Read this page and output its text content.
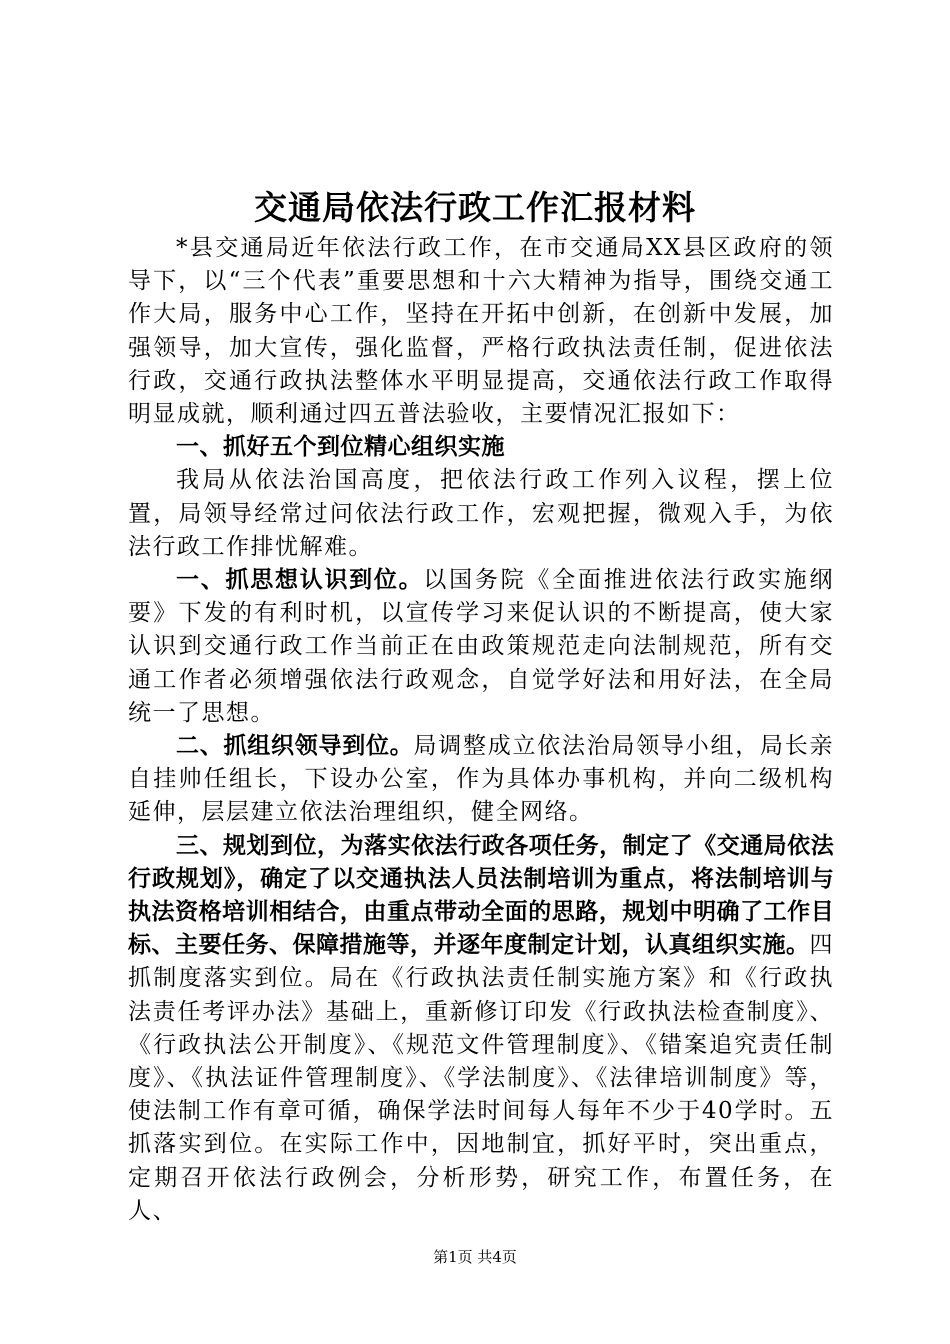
交通局依法行政工作汇报材料

*县交通局近年依法行政工作，在市交通局XX县区政府的领导下，以“三个代表”重要思想和十六大精神为指导，围绕交通工作大局，服务中心工作，坚持在开拓中创新，在创新中发展，加强领导，加大宣传，强化监督，严格行政执法责任制，促进依法行政，交通行政执法整体水平明显提高，交通依法行政工作取得明显成就，顺利通过四五普法验收，主要情况汇报如下：

一、抓好五个到位精心组织实施

我局从依法治国高度，把依法行政工作列入议程，摆上位置，局领导经常过问依法行政工作，宏观把握，微观入手，为依法行政工作排忧解难。

一、抓思想认识到位。以国务院《全面推进依法行政实施纲要》下发的有利时机，以宣传学习来促认识的不断提高，使大家认识到交通行政工作当前正在由政策规范走向法制规范，所有交通工作者必须增强依法行政观念，自觉学好法和用好法，在全局统一了思想。

二、抓组织领导到位。局调整成立依法治局领导小组，局长亲自挂帅任组长，下设办公室，作为具体办事机构，并向二级机构延伸，层层建立依法治理组织，健全网络。

三、规划到位，为落实依法行政各项任务，制定了《交通局依法行政规划》，确定了以交通执法人员法制培训为重点，将法制培训与执法资格培训相结合，由重点带动全面的思路，规划中明确了工作目标、主要任务、保障措施等，并逐年度制定计划，认真组织实施。四抓制度落实到位。局在《行政执法责任制实施方案》和《行政执法责任考评办法》基础上，重新修订印发《行政执法检查制度》、《行政执法公开制度》、《规范文件管理制度》、《错案追究责任制度》、《执法证件管理制度》、《学法制度》、《法律培训制度》等，使法制工作有章可循，确保学法时间每人每年不少于40学时。五抓落实到位。在实际工作中，因地制宜，抓好平时，突出重点，定期召开依法行政例会，分析形势，研究工作，布置任务，在人、

第1页 共4页
